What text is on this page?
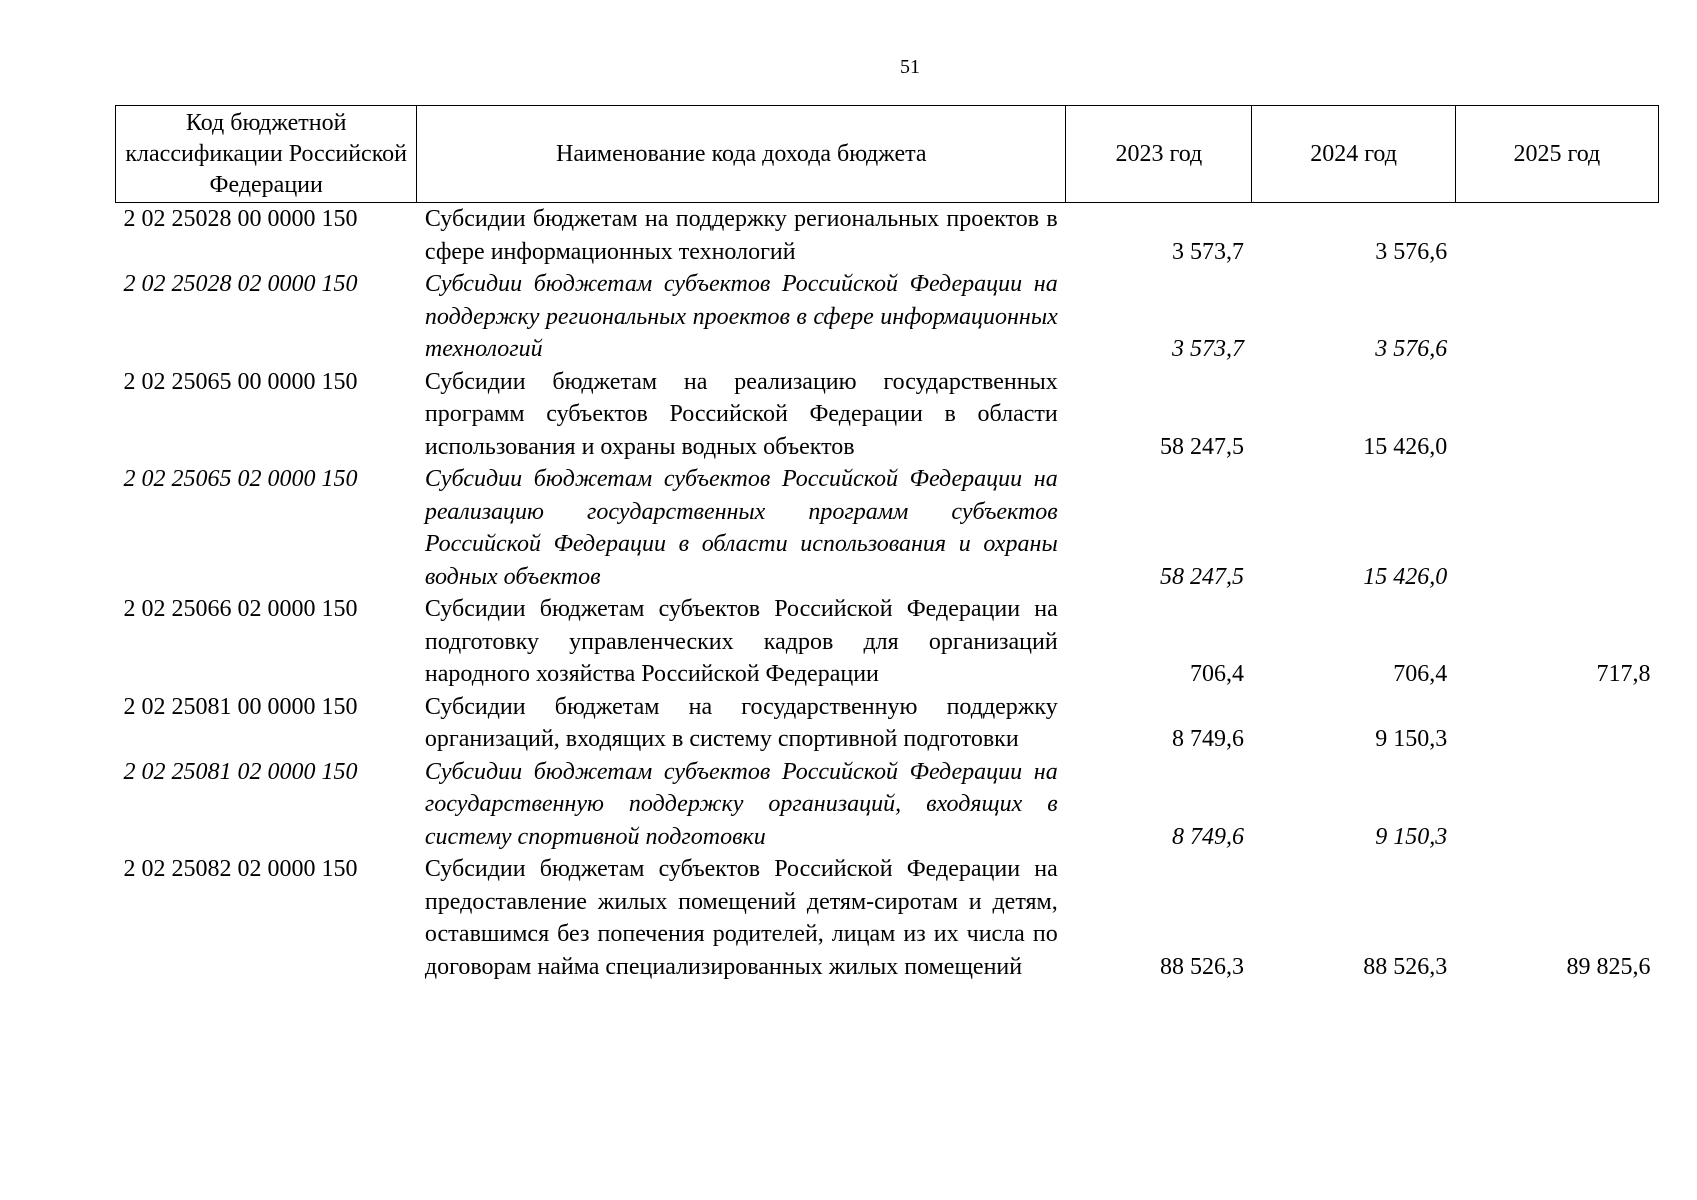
51
Код бюджетной классификации Российской Федерации	Наименование кода дохода бюджета	2023 год	2024 год	2025 год
2 02 25028 00 0000 150	Субсидии бюджетам на поддержку региональных проектов в сфере информационных технологий	3 573,7	3 576,6	
2 02 25028 02 0000 150	Субсидии бюджетам субъектов Российской Федерации на поддержку региональных проектов в сфере информационных технологий	3 573,7	3 576,6	
2 02 25065 00 0000 150	Субсидии бюджетам на реализацию государственных программ субъектов Российской Федерации в области использования и охраны водных объектов	58 247,5	15 426,0	
2 02 25065 02 0000 150	Субсидии бюджетам субъектов Российской Федерации на реализацию государственных программ субъектов Российской Федерации в области использования и охраны водных объектов	58 247,5	15 426,0	
2 02 25066 02 0000 150	Субсидии бюджетам субъектов Российской Федерации на подготовку управленческих кадров для организаций народного хозяйства Российской Федерации	706,4	706,4	717,8
2 02 25081 00 0000 150	Субсидии бюджетам на государственную поддержку организаций, входящих в систему спортивной подготовки	8 749,6	9 150,3	
2 02 25081 02 0000 150	Субсидии бюджетам субъектов Российской Федерации на государственную поддержку организаций, входящих в систему спортивной подготовки	8 749,6	9 150,3	
2 02 25082 02 0000 150	Субсидии бюджетам субъектов Российской Федерации на предоставление жилых помещений детям-сиротам и детям, оставшимся без попечения родителей, лицам из их числа по договорам найма специализированных жилых помещений	88 526,3	88 526,3	89 825,6
